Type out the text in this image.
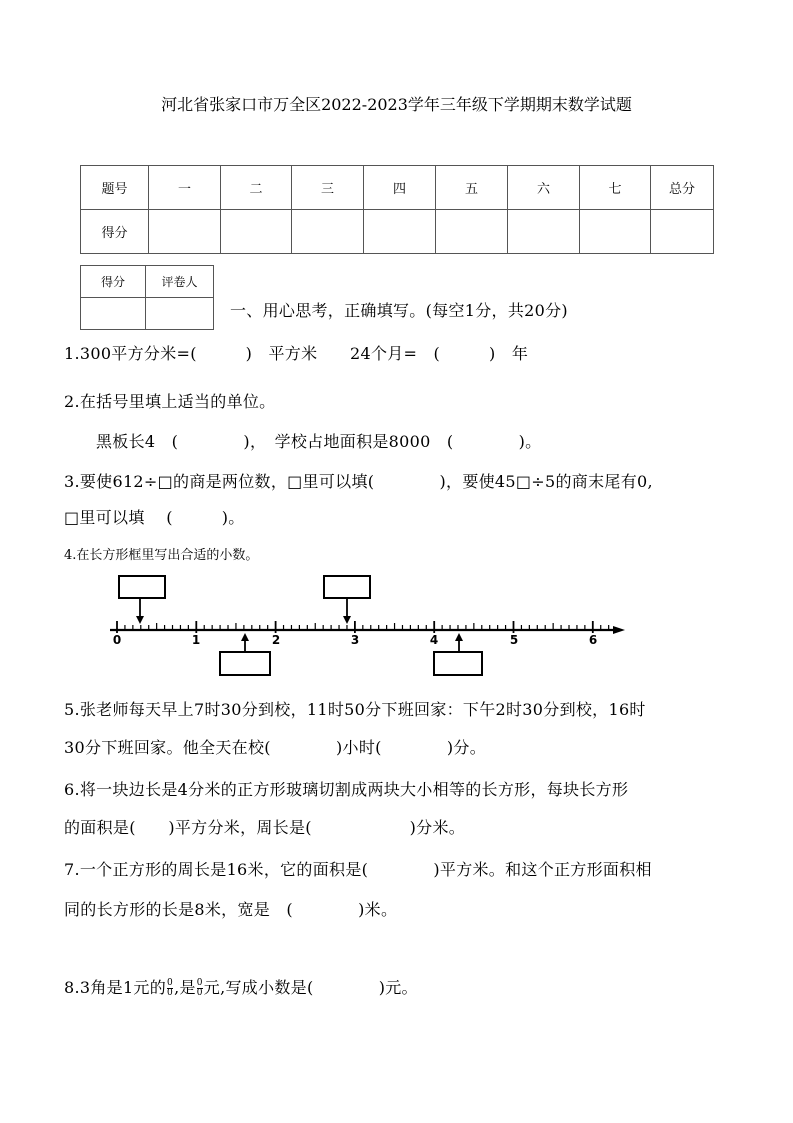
河北省张家口市万全区2022-2023学年三年级下学期期末数学试题
题号	一	二	三	四	五	六	七	总分
得分								
得分	评卷人

一、用心思考，正确填写。(每空1分，共20分)
1.300平方分米=(　　　)　平方米　　24个月=　(　　　)　年
2.在括号里填上适当的单位。
黑板长4　(　　　　)，　学校占地面积是8000　(　　　　)。
3.要使612÷□的商是两位数，□里可以填(　　　　)，要使45□÷5的商末尾有0,
□里可以填　 (　　　)。
4.在长方形框里写出合适的小数。
0	1	2	3	4	5	6
5.张老师每天早上7时30分到校，11时50分下班回家：下午2时30分到校，16时
30分下班回家。他全天在校(　　　　)小时(　　　　)分。
6.将一块边长是4分米的正方形玻璃切割成两块大小相等的长方形，每块长方形
的面积是(　　)平方分米，周长是(　　　　　　)分米。
7.一个正方形的周长是16米，它的面积是(　　　　)平方米。和这个正方形面积相
同的长方形的长是8米，宽是　(　　　　)米。
8.3角是1元的 $\frac{0}{0}$ ,是 $\frac{0}{0}$ 元,写成小数是(　　　　)元。
